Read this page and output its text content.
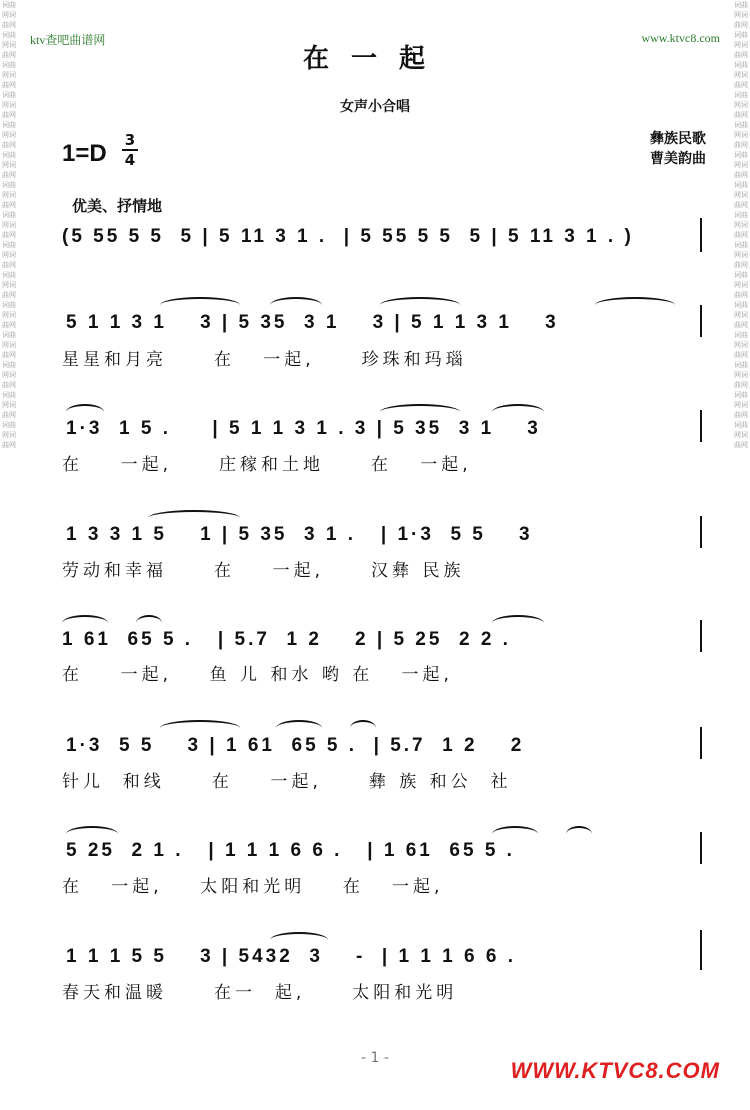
词曲网词曲网词曲网词曲网词曲网词曲网词曲网词曲网词曲网词曲网词曲网词曲网词曲网词曲网词曲网词曲网词曲网词曲网词曲网词曲网词曲网词曲网词曲网词曲网词曲网词曲网词曲网词曲网词曲网词曲网
词曲网词曲网词曲网词曲网词曲网词曲网词曲网词曲网词曲网词曲网词曲网词曲网词曲网词曲网词曲网词曲网词曲网词曲网词曲网词曲网词曲网词曲网词曲网词曲网词曲网词曲网词曲网词曲网词曲网词曲网
ktv查吧曲谱网	www.ktvc8.com
在一起
女声小合唱
1=D 3
4
彝族民歌
曹美韵曲
优美、抒情地
(5 55 5 5  5 | 5 11 3 1 .  | 5 55 5 5  5 | 5 11 3 1 . )
5 1 1 3 1    3 | 5 35  3 1    3 | 5 1 1 3 1    3
星星和月亮     在   一起,     珍珠和玛瑙
1·3  1 5 .     | 5 1 1 3 1 . 3 | 5 35  3 1    3
在    一起,     庄稼和土地     在   一起,
1 3 3 1 5    1 | 5 35  3 1 .   | 1·3  5 5    3
劳动和幸福     在    一起,     汉彝 民族
1 61  65 5 .   | 5.7  1 2    2 | 5 25  2 2 .
在    一起,    鱼 儿 和水 哟 在   一起,
1·3  5 5    3 | 1 61  65 5 .  | 5.7  1 2    2
针儿  和线     在    一起,     彝 族 和公  社
5 25  2 1 .   | 1 1 1 6 6 .   | 1 61  65 5 .
在   一起,    太阳和光明    在   一起,
1 1 1 5 5    3 | 5432  3    -  | 1 1 1 6 6 .
春天和温暖     在一  起,     太阳和光明
- 1 -	WWW.KTVC8.COM
